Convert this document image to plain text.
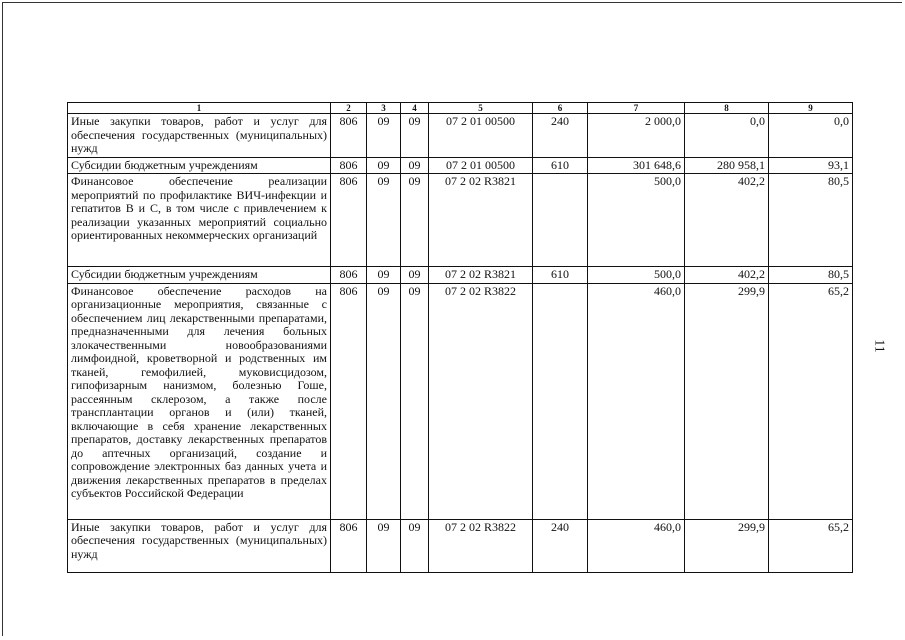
11
1	2	3	4	5	6	7	8	9
Иные закупки товаров, работ и услуг для обеспечения государственных (муниципальных) нужд	806	09	09	07 2 01 00500	240	2 000,0	0,0	0,0
Субсидии бюджетным учреждениям	806	09	09	07 2 01 00500	610	301 648,6	280 958,1	93,1
Финансовое обеспечение реализации мероприятий по профилактике ВИЧ-инфекции и гепатитов В и С, в том числе с привлечением к реализации указанных мероприятий социально ориентированных некоммерческих организаций	806	09	09	07 2 02 R3821		500,0	402,2	80,5
Субсидии бюджетным учреждениям	806	09	09	07 2 02 R3821	610	500,0	402,2	80,5
Финансовое обеспечение расходов на организационные мероприятия, связанные с обеспечением лиц лекарственными препаратами, предназначенными для лечения больных злокачественными новообразованиями лимфоидной, кроветворной и родственных им тканей, гемофилией, муковисцидозом, гипофизарным нанизмом, болезнью Гоше, рассеянным склерозом, а также после трансплантации органов и (или) тканей, включающие в себя хранение лекарственных препаратов, доставку лекарственных препаратов до аптечных организаций, создание и сопровождение электронных баз данных учета и движения лекарственных препаратов в пределах субъектов Российской Федерации	806	09	09	07 2 02 R3822		460,0	299,9	65,2
Иные закупки товаров, работ и услуг для обеспечения государственных (муниципальных) нужд	806	09	09	07 2 02 R3822	240	460,0	299,9	65,2
